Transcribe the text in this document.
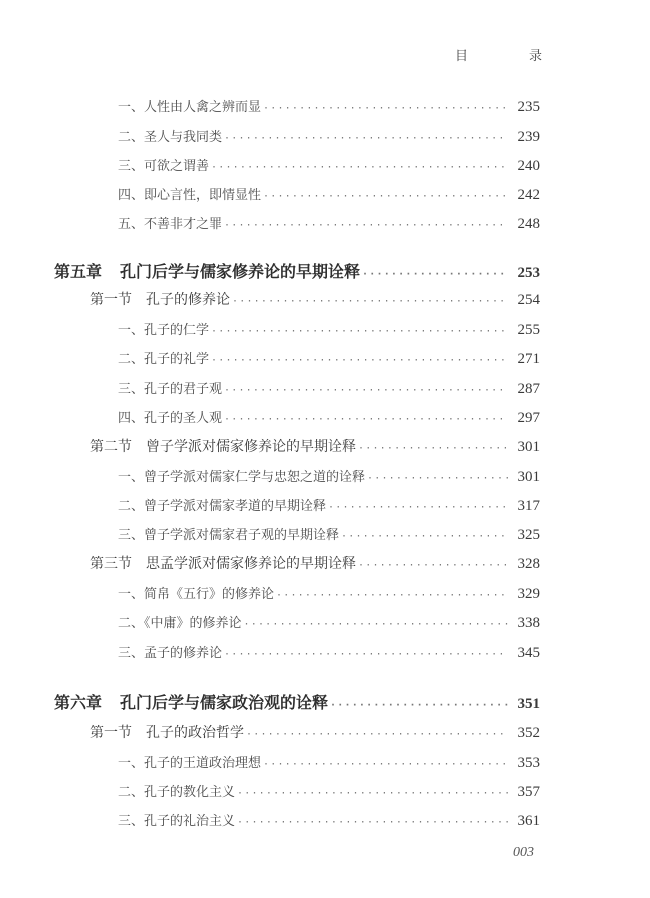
目	录
一、人性由人禽之辨而显 ·····	235
二、圣人与我同类 ·····	239
三、可欲之谓善 ·····	240
四、即心言性，即情显性 ·····	242
五、不善非才之罪 ·····	248
第五章 孔门后学与儒家修养论的早期诠释 ·····	253
第一节 孔子的修养论 ·····	254
一、孔子的仁学 ·····	255
二、孔子的礼学 ·····	271
三、孔子的君子观 ·····	287
四、孔子的圣人观 ·····	297
第二节 曾子学派对儒家修养论的早期诠释 ·····	301
一、曾子学派对儒家仁学与忠恕之道的诠释 ·····	301
二、曾子学派对儒家孝道的早期诠释 ·····	317
三、曾子学派对儒家君子观的早期诠释 ·····	325
第三节 思孟学派对儒家修养论的早期诠释 ·····	328
一、简帛《五行》的修养论 ·····	329
二、《中庸》的修养论 ·····	338
三、孟子的修养论 ·····	345
第六章 孔门后学与儒家政治观的诠释 ·····	351
第一节 孔子的政治哲学 ·····	352
一、孔子的王道政治理想 ·····	353
二、孔子的教化主义 ·····	357
三、孔子的礼治主义 ·····	361
003
